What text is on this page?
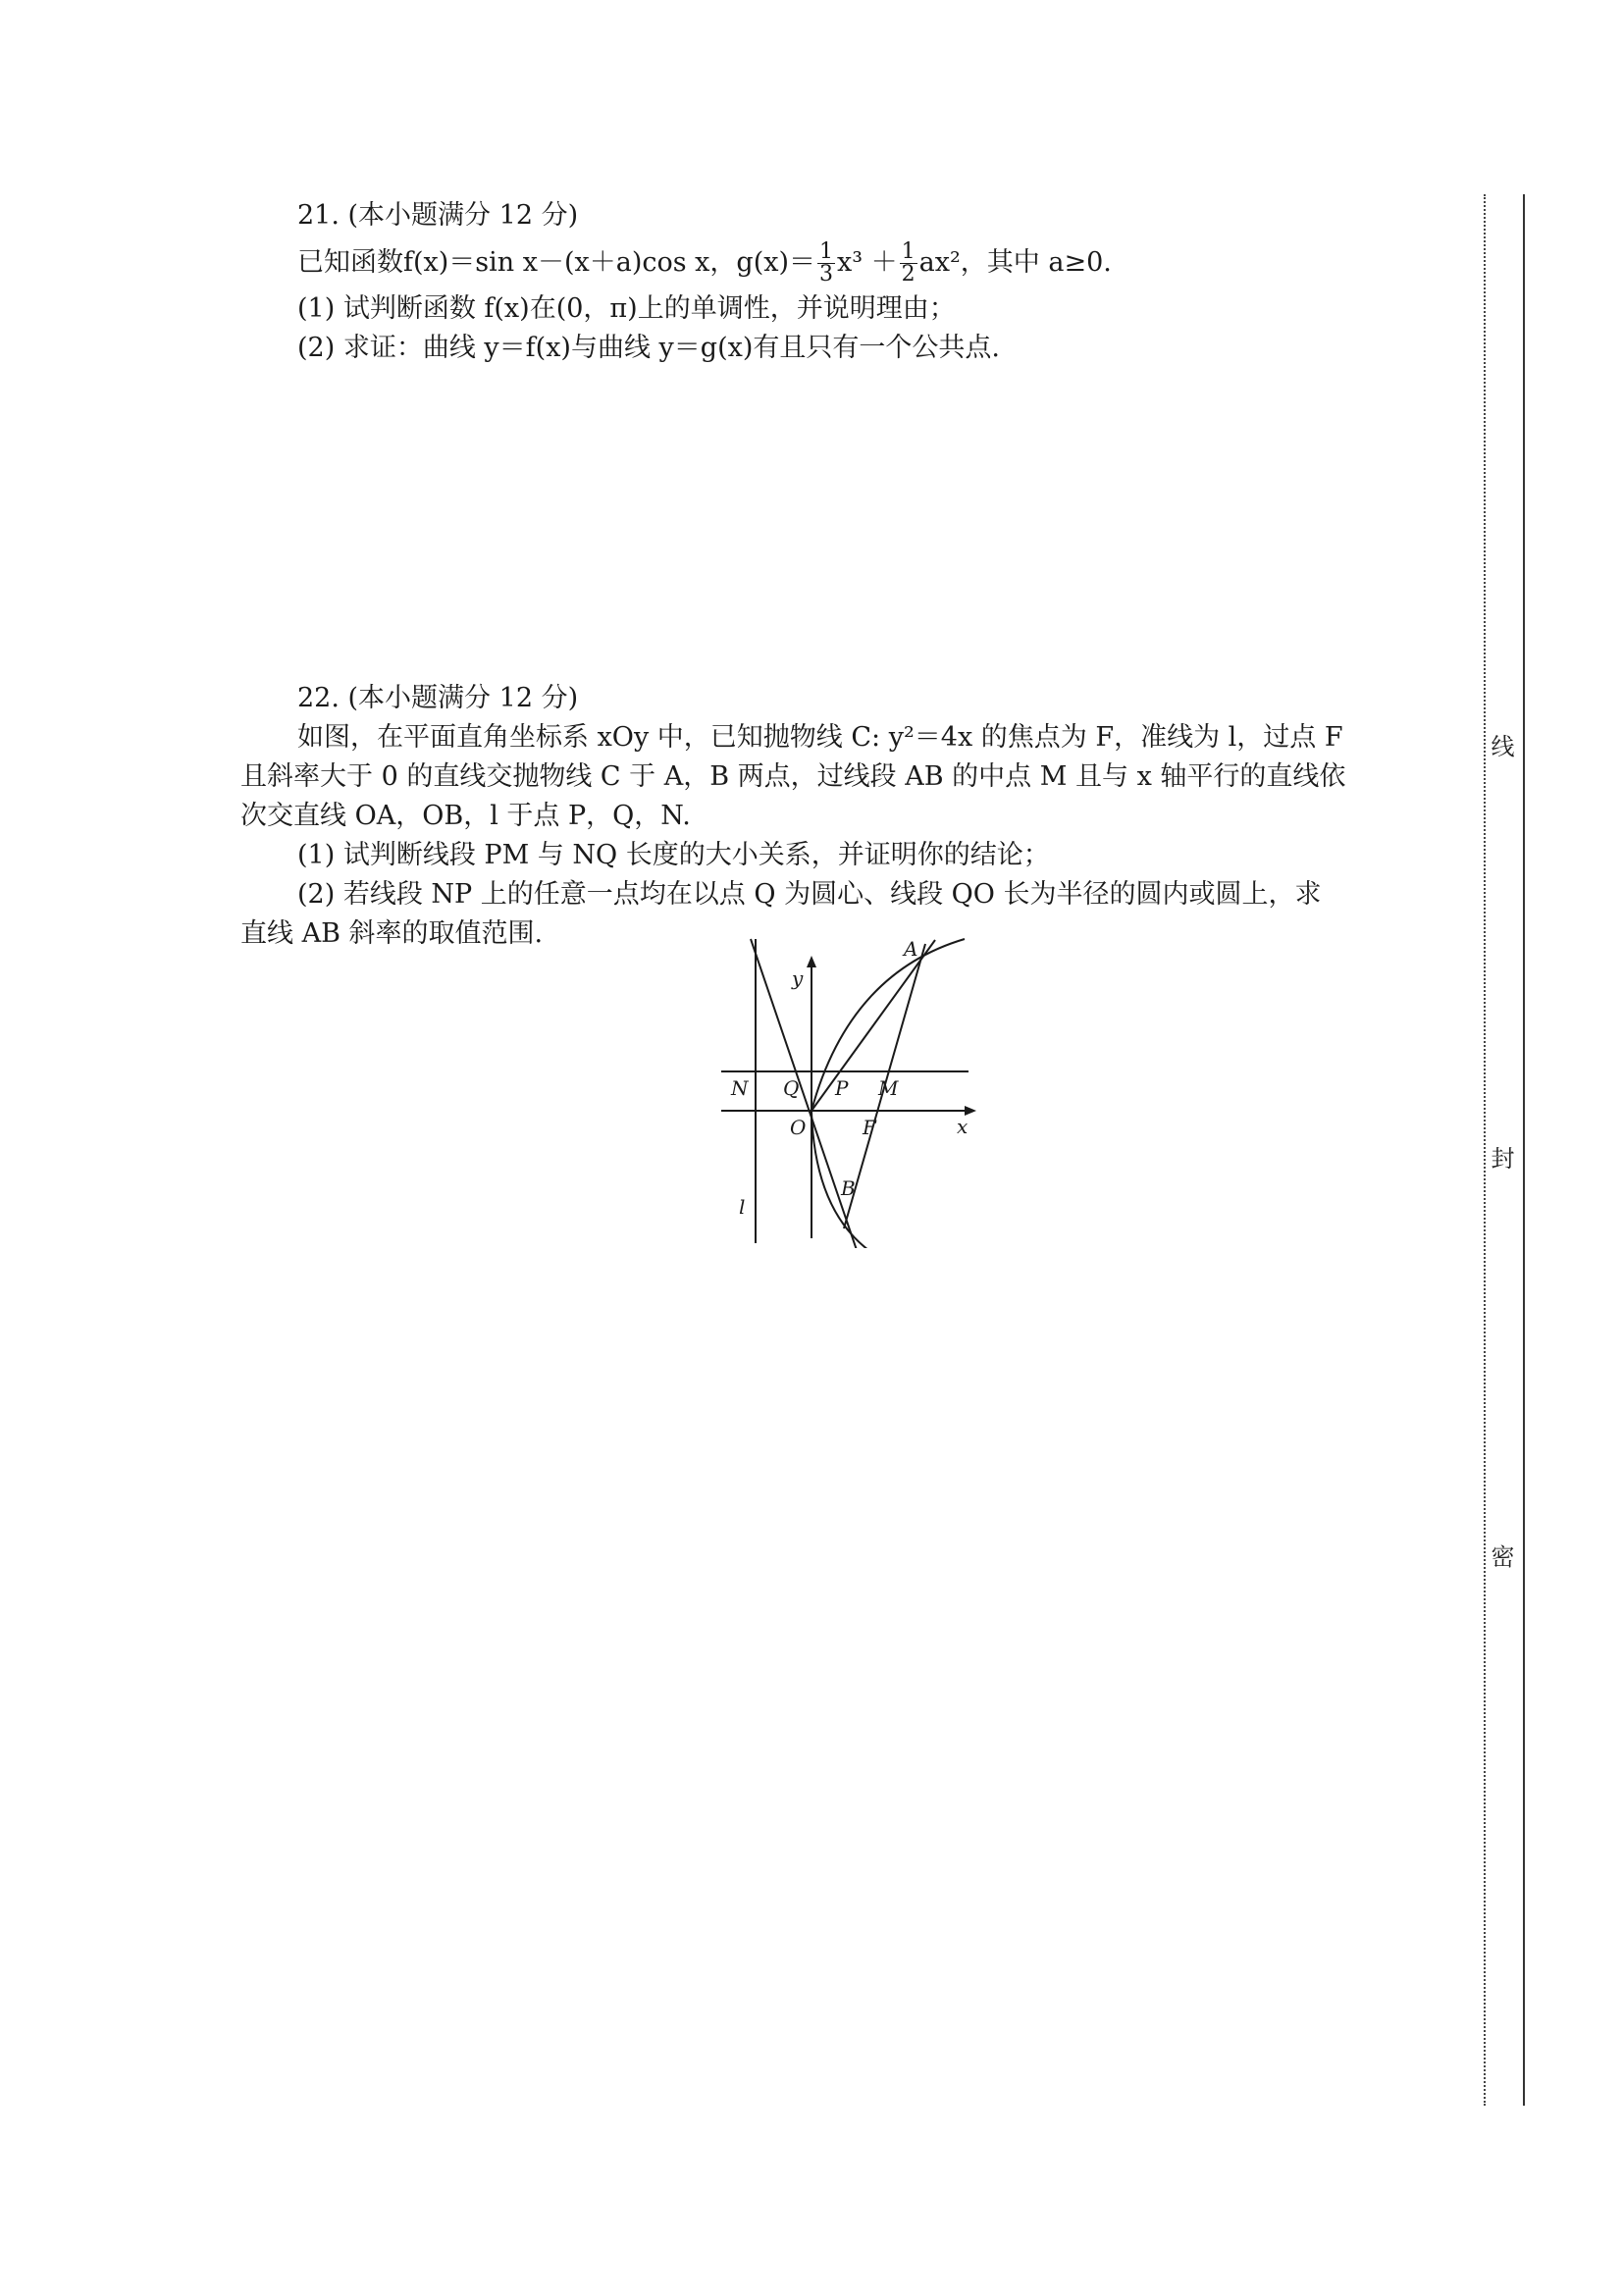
21. (本小题满分 12 分)

已知函数f(x)＝sin x－(x＋a)cos x，$g(x)= \frac{1}{3} x^3 + \frac{1}{2} ax^2$，其中 a≥0.

(1) 试判断函数 f(x)在(0，π)上的单调性，并说明理由；

(2) 求证：曲线 y＝f(x)与曲线 y＝g(x)有且只有一个公共点.

22. (本小题满分 12 分)

如图，在平面直角坐标系 xOy 中，已知抛物线 C: y²＝4x 的焦点为 F，准线为 l，过点 F

且斜率大于 0 的直线交抛物线 C 于 A，B 两点，过线段 AB 的中点 M 且与 x 轴平行的直线依

次交直线 OA，OB，l 于点 P，Q，N.

(1) 试判断线段 PM 与 NQ 长度的大小关系，并证明你的结论；

(2) 若线段 NP 上的任意一点均在以点 Q 为圆心、线段 QO 长为半径的圆内或圆上，求

直线 AB 斜率的取值范围.

y
x
A
N Q P M
O	F
B
l
线
封
密
